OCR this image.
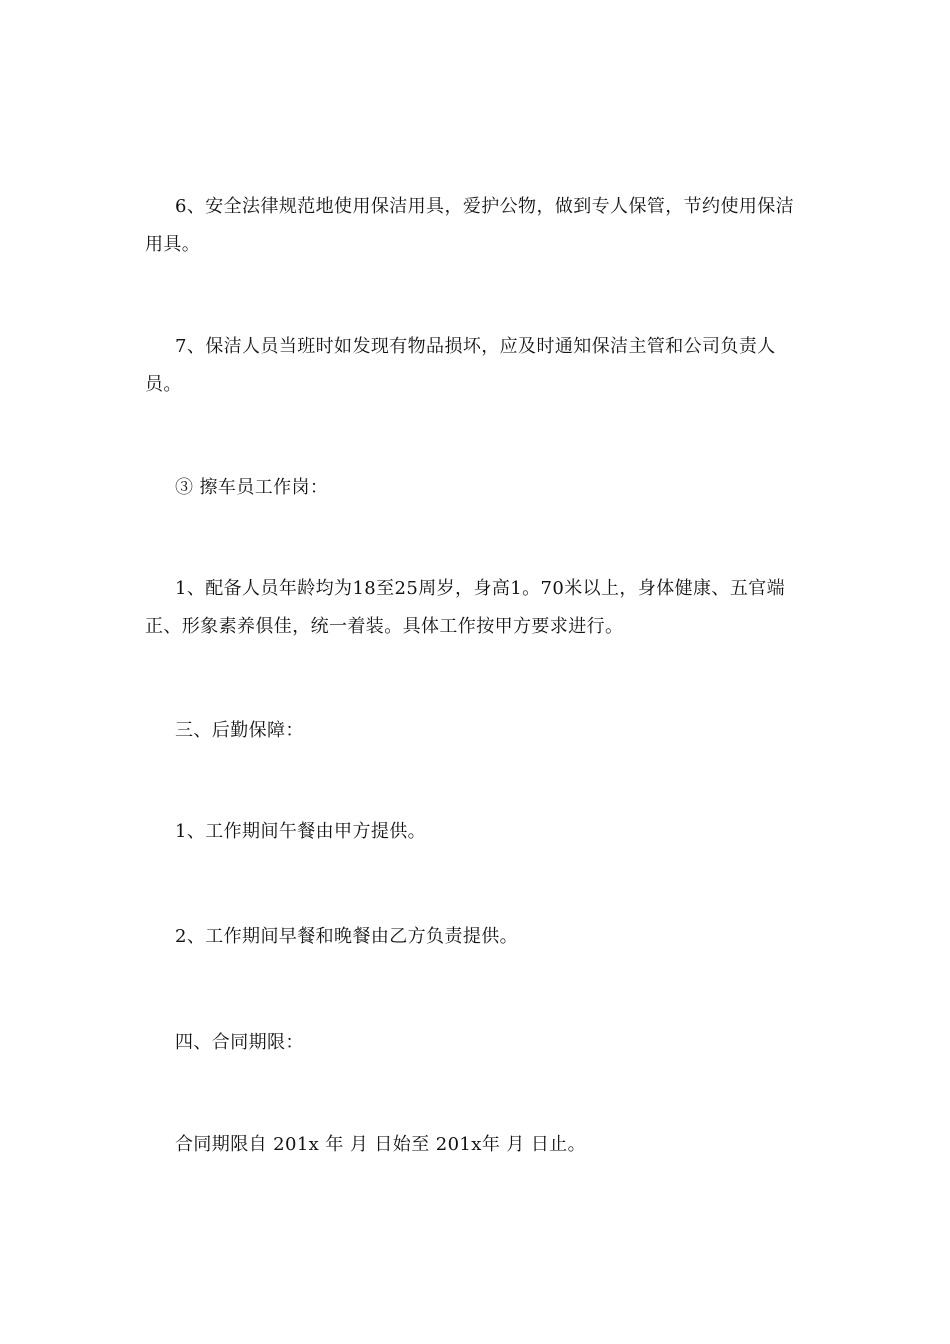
6、安全法律规范地使用保洁用具，爱护公物，做到专人保管，节约使用保洁用具。

7、保洁人员当班时如发现有物品损坏，应及时通知保洁主管和公司负责人员。

③ 擦车员工作岗：

1、配备人员年龄均为18至25周岁，身高1。70米以上，身体健康、五官端正、形象素养俱佳，统一着装。具体工作按甲方要求进行。

三、后勤保障：

1、工作期间午餐由甲方提供。

2、工作期间早餐和晚餐由乙方负责提供。

四、合同期限：

合同期限自 201x 年 月 日始至 201x年 月 日止。
